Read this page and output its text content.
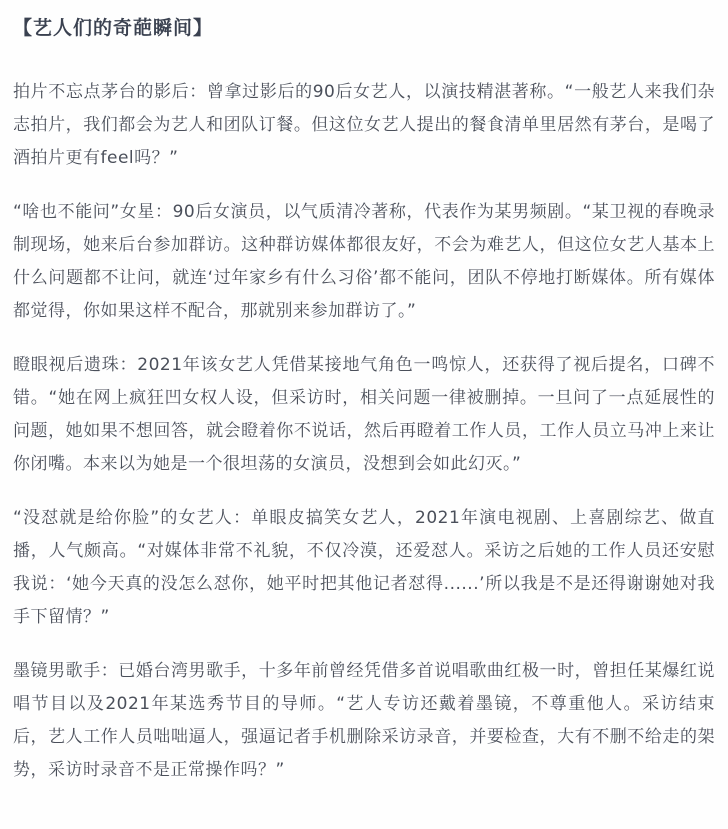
【艺人们的奇葩瞬间】

拍片不忘点茅台的影后：曾拿过影后的90后女艺人，以演技精湛著称。“一般艺人来我们杂志拍片，我们都会为艺人和团队订餐。但这位女艺人提出的餐食清单里居然有茅台，是喝了酒拍片更有feel吗？”

“啥也不能问”女星：90后女演员，以气质清冷著称，代表作为某男频剧。“某卫视的春晚录制现场，她来后台参加群访。这种群访媒体都很友好，不会为难艺人，但这位女艺人基本上什么问题都不让问，就连‘过年家乡有什么习俗’都不能问，团队不停地打断媒体。所有媒体都觉得，你如果这样不配合，那就别来参加群访了。”

瞪眼视后遗珠：2021年该女艺人凭借某接地气角色一鸣惊人，还获得了视后提名，口碑不错。“她在网上疯狂凹女权人设，但采访时，相关问题一律被删掉。一旦问了一点延展性的问题，她如果不想回答，就会瞪着你不说话，然后再瞪着工作人员，工作人员立马冲上来让你闭嘴。本来以为她是一个很坦荡的女演员，没想到会如此幻灭。”

“没怼就是给你脸”的女艺人：单眼皮搞笑女艺人，2021年演电视剧、上喜剧综艺、做直播，人气颇高。“对媒体非常不礼貌，不仅冷漠，还爱怼人。采访之后她的工作人员还安慰我说：‘她今天真的没怎么怼你，她平时把其他记者怼得......’所以我是不是还得谢谢她对我手下留情？”

墨镜男歌手：已婚台湾男歌手，十多年前曾经凭借多首说唱歌曲红极一时，曾担任某爆红说唱节目以及2021年某选秀节目的导师。“艺人专访还戴着墨镜，不尊重他人。采访结束后，艺人工作人员咄咄逼人，强逼记者手机删除采访录音，并要检查，大有不删不给走的架势，采访时录音不是正常操作吗？”
